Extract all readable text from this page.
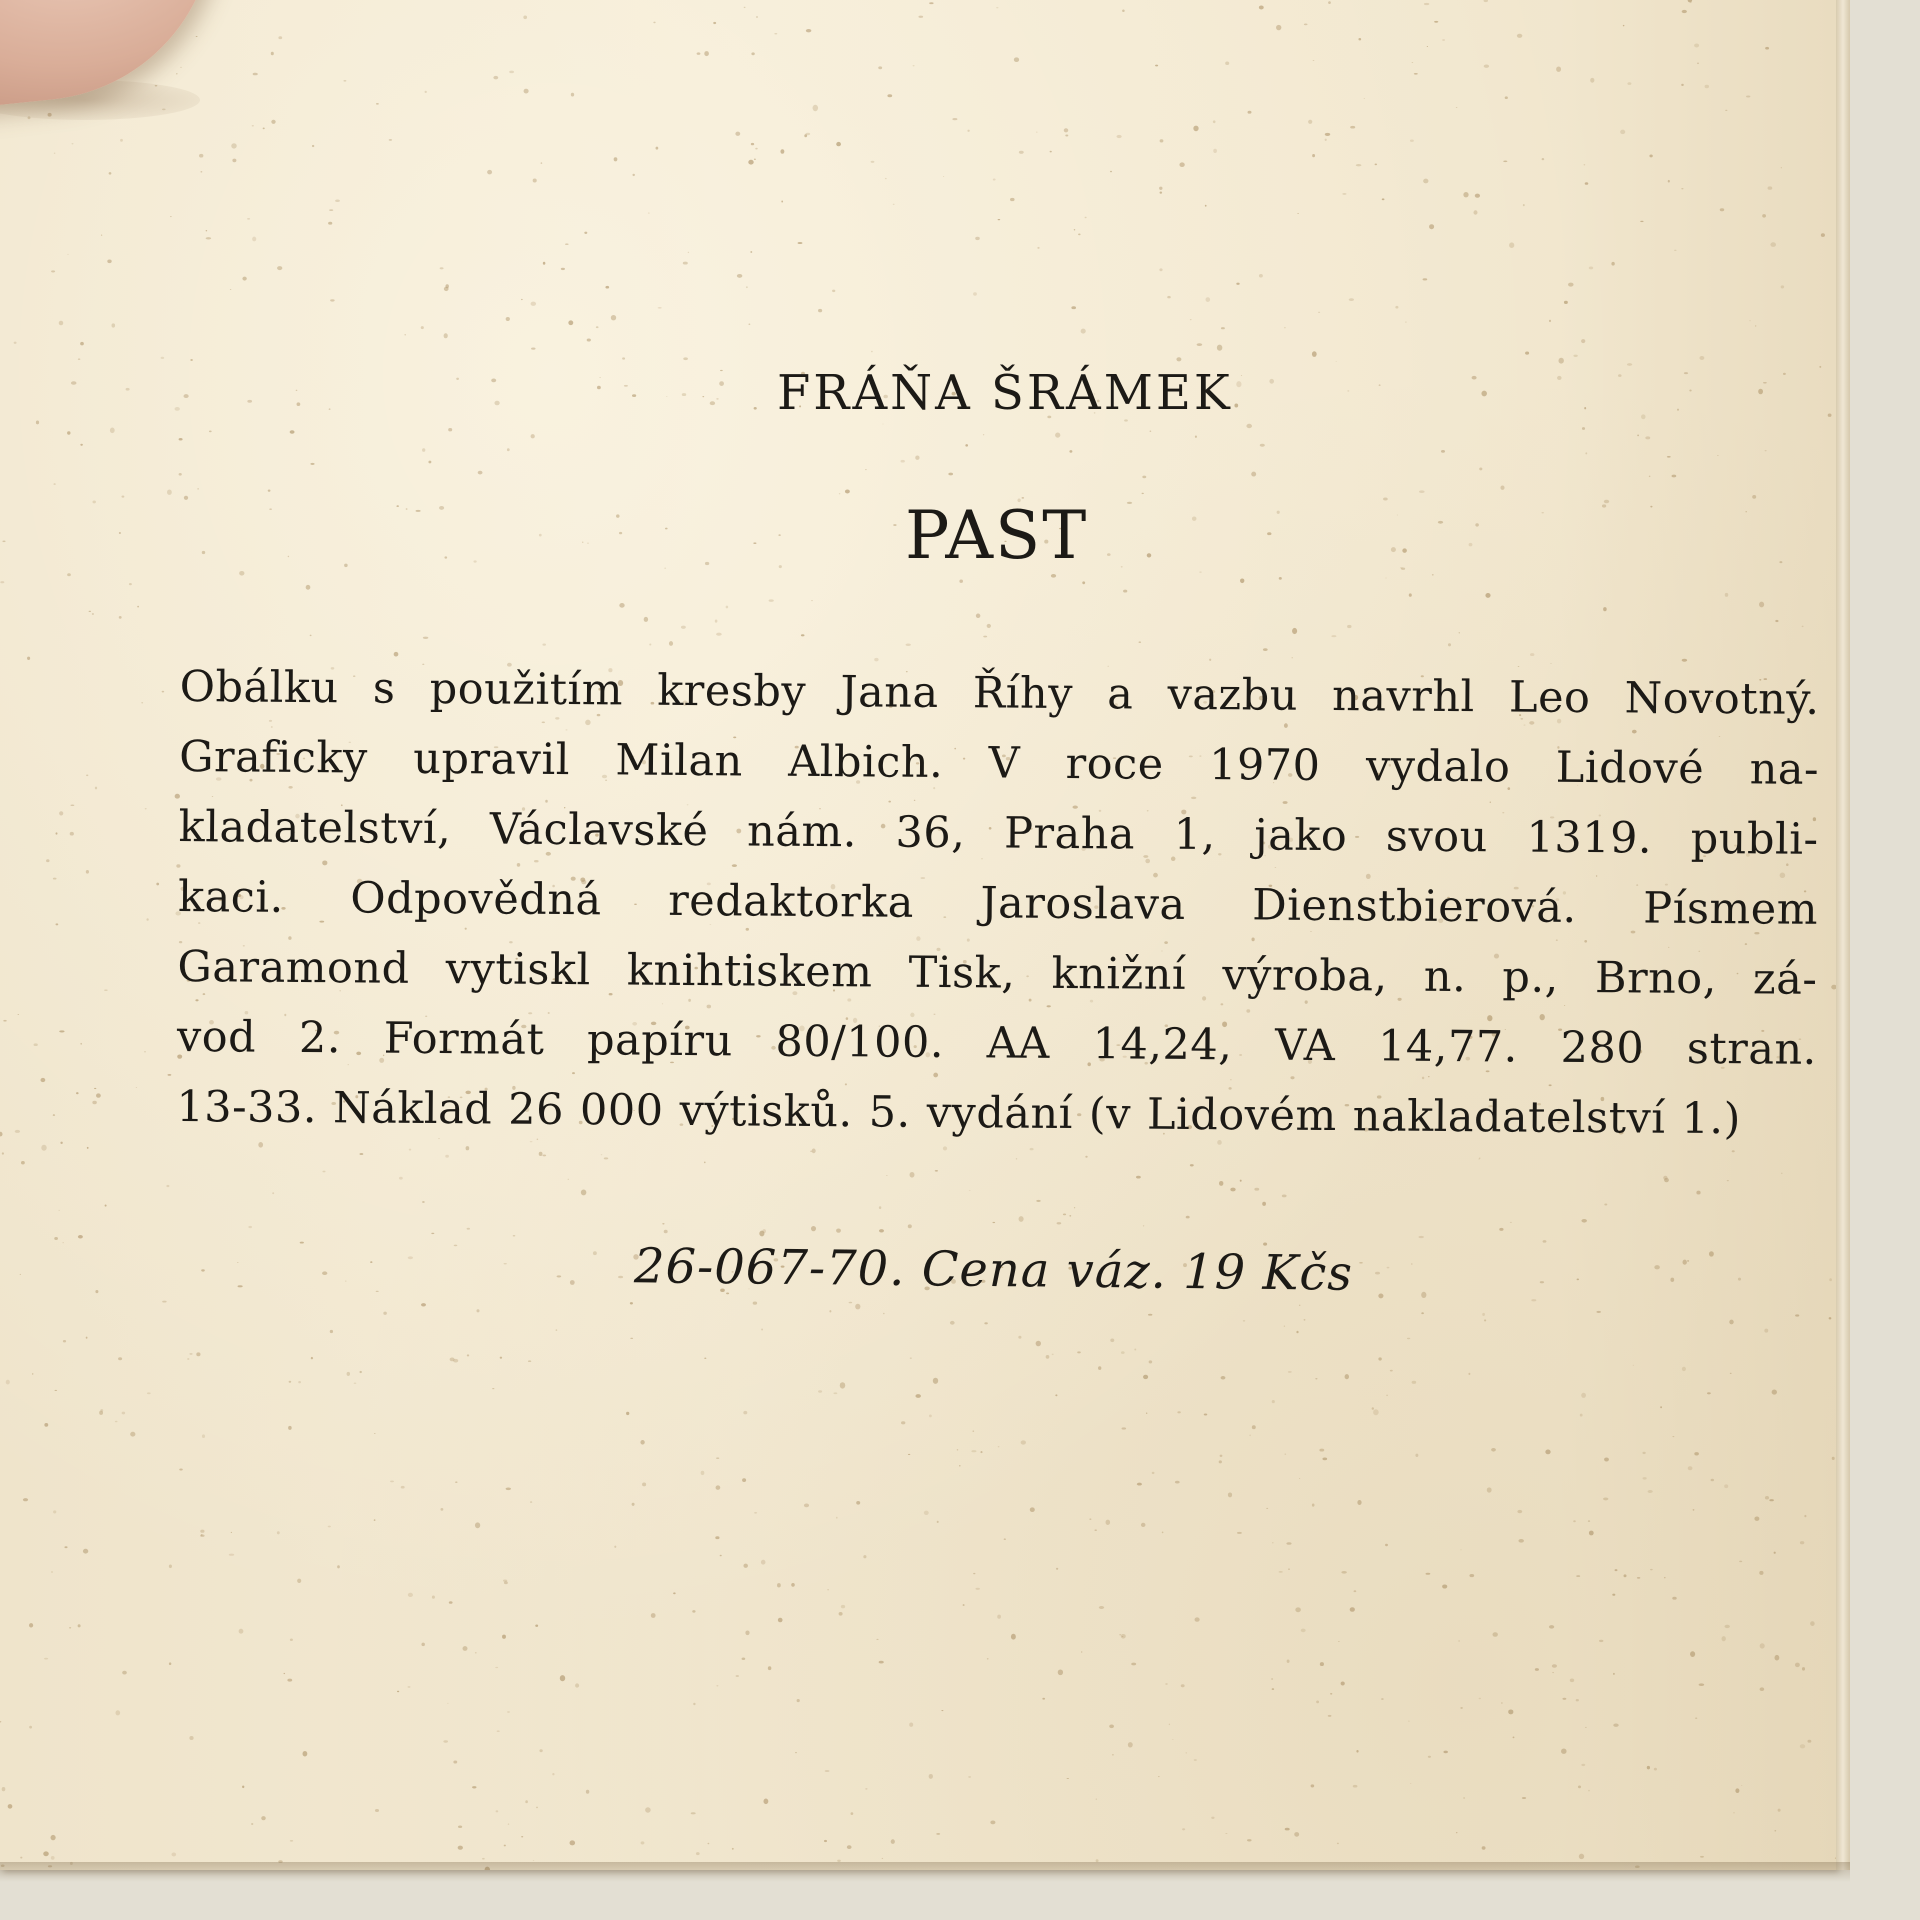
FRÁŇA ŠRÁMEK
PAST
Obálku s použitím kresby Jana Říhy a vazbu navrhl Leo Novotný.
Graficky upravil Milan Albich. V roce 1970 vydalo Lidové na-
kladatelství, Václavské nám. 36, Praha 1, jako svou 1319. publi-
kaci. Odpovědná redaktorka Jaroslava Dienstbierová. Písmem
Garamond vytiskl knihtiskem Tisk, knižní výroba, n. p., Brno, zá-
vod 2. Formát papíru 80/100. AA 14,24, VA 14,77. 280 stran.
13-33. Náklad 26 000 výtisků. 5. vydání (v Lidovém nakladatelství 1.)
26-067-70. Cena váz. 19 Kčs
